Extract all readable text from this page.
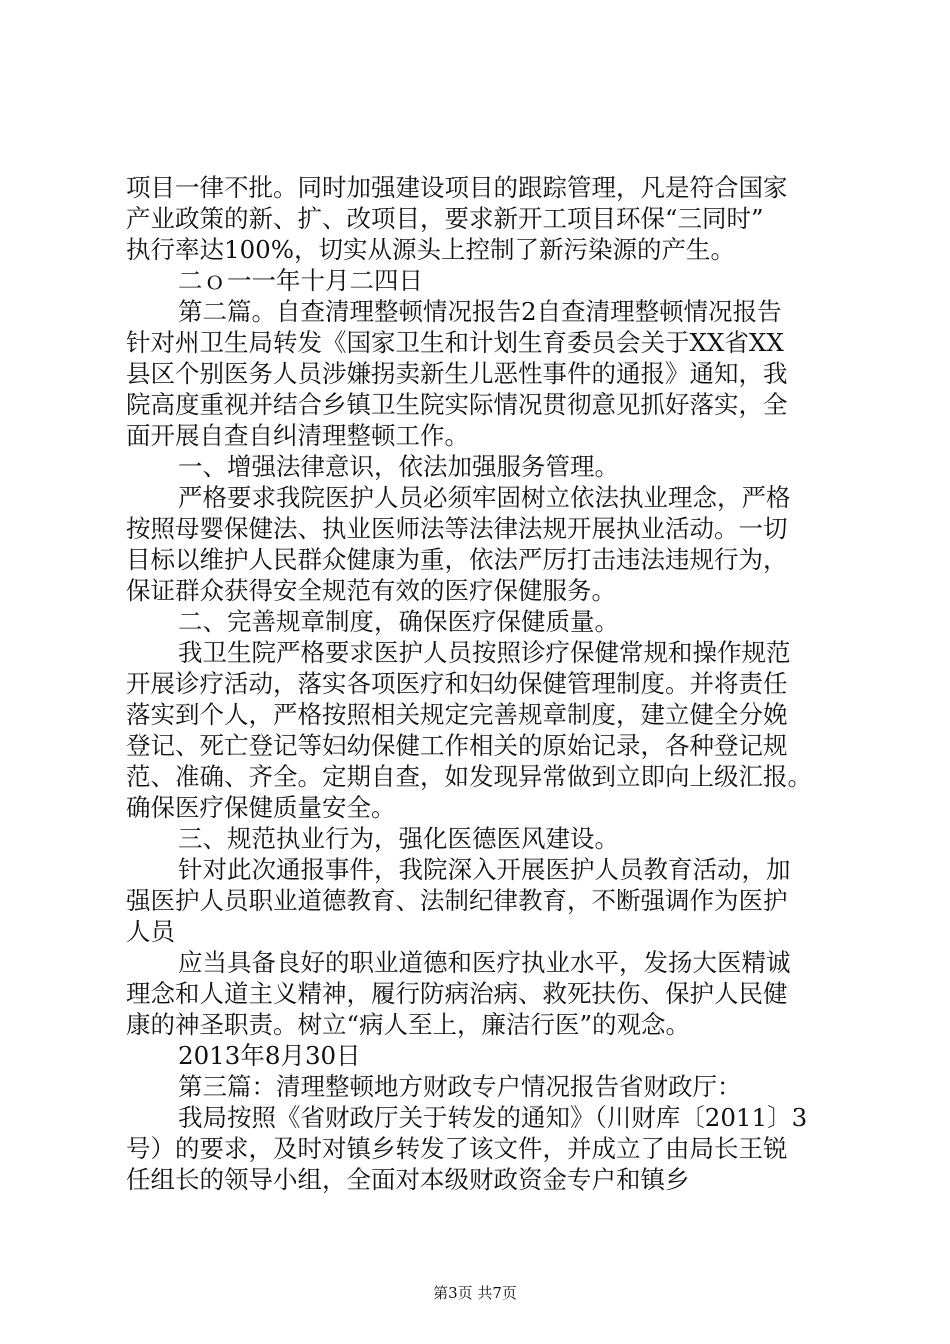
项目一律不批。同时加强建设项目的跟踪管理，凡是符合国家
产业政策的新、扩、改项目，要求新开工项目环保“三同时”
执行率达100%，切实从源头上控制了新污染源的产生。
二ｏ一一年十月二四日
第二篇。自查清理整顿情况报告2自查清理整顿情况报告
针对州卫生局转发《国家卫生和计划生育委员会关于XX省XX
县区个别医务人员涉嫌拐卖新生儿恶性事件的通报》通知，我
院高度重视并结合乡镇卫生院实际情况贯彻意见抓好落实，全
面开展自查自纠清理整顿工作。
一、增强法律意识，依法加强服务管理。
严格要求我院医护人员必须牢固树立依法执业理念，严格
按照母婴保健法、执业医师法等法律法规开展执业活动。一切
目标以维护人民群众健康为重，依法严厉打击违法违规行为，
保证群众获得安全规范有效的医疗保健服务。
二、完善规章制度，确保医疗保健质量。
我卫生院严格要求医护人员按照诊疗保健常规和操作规范
开展诊疗活动，落实各项医疗和妇幼保健管理制度。并将责任
落实到个人，严格按照相关规定完善规章制度，建立健全分娩
登记、死亡登记等妇幼保健工作相关的原始记录，各种登记规
范、准确、齐全。定期自查，如发现异常做到立即向上级汇报。
确保医疗保健质量安全。
三、规范执业行为，强化医德医风建设。
针对此次通报事件，我院深入开展医护人员教育活动，加
强医护人员职业道德教育、法制纪律教育，不断强调作为医护
人员
应当具备良好的职业道德和医疗执业水平，发扬大医精诚
理念和人道主义精神，履行防病治病、救死扶伤、保护人民健
康的神圣职责。树立“病人至上，廉洁行医”的观念。
2013年8月30日
第三篇：清理整顿地方财政专户情况报告省财政厅：
我局按照《省财政厅关于转发的通知》（川财库〔2011〕3
号）的要求，及时对镇乡转发了该文件，并成立了由局长王锐
任组长的领导小组，全面对本级财政资金专户和镇乡
第3页 共7页
